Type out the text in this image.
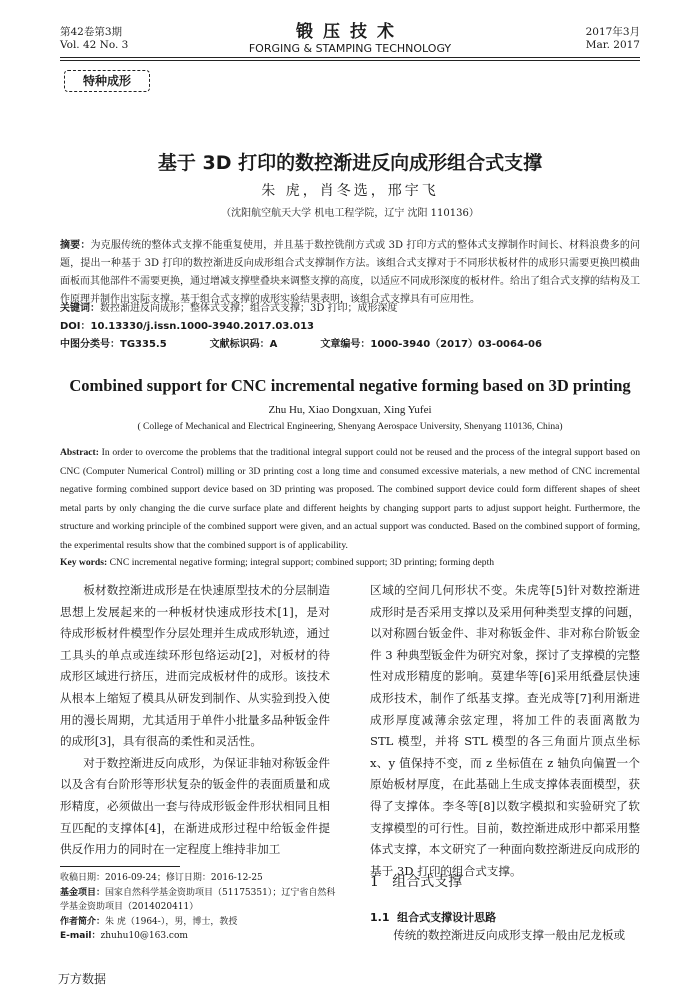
第42卷第3期
Vol. 42 No. 3
锻压技术
FORGING & STAMPING TECHNOLOGY
2017年3月
Mar. 2017
特种成形
基于 3D 打印的数控渐进反向成形组合式支撑
朱 虎，肖冬选，邢宇飞
（沈阳航空航天大学 机电工程学院，辽宁 沈阳 110136）
摘要：为克服传统的整体式支撑不能重复使用，并且基于数控铣削方式或 3D 打印方式的整体式支撑制作时间长、材料浪费多的问题，提出一种基于 3D 打印的数控渐进反向成形组合式支撑制作方法。该组合式支撑对于不同形状板材件的成形只需要更换凹模曲面板而其他部件不需要更换，通过增减支撑壁叠块来调整支撑的高度，以适应不同成形深度的板材件。给出了组合式支撑的结构及工作原理并制作出实际支撑。基于组合式支撑的成形实验结果表明，该组合式支撑具有可应用性。
关键词：数控渐进反向成形；整体式支撑；组合式支撑；3D 打印；成形深度
DOI：10.13330/j.issn.1000-3940.2017.03.013
中图分类号：TG335.5	文献标识码：A	文章编号：1000-3940（2017）03-0064-06
Combined support for CNC incremental negative forming based on 3D printing
Zhu Hu, Xiao Dongxuan, Xing Yufei
( College of Mechanical and Electrical Engineering, Shenyang Aerospace University, Shenyang 110136, China)
Abstract: In order to overcome the problems that the traditional integral support could not be reused and the process of the integral support based on CNC (Computer Numerical Control) milling or 3D printing cost a long time and consumed excessive materials, a new method of CNC incremental negative forming combined support device based on 3D printing was proposed. The combined support device could form different shapes of sheet metal parts by only changing the die curve surface plate and different heights by changing support parts to adjust support height. Furthermore, the structure and working principle of the combined support were given, and an actual support was conducted. Based on the combined support of forming, the experimental results show that the combined support is of applicability.
Key words: CNC incremental negative forming; integral support; combined support; 3D printing; forming depth

板材数控渐进成形是在快速原型技术的分层制造思想上发展起来的一种板材快速成形技术[1]，是对待成形板材件模型作分层处理并生成成形轨迹，通过工具头的单点或连续环形包络运动[2]，对板材的待成形区域进行挤压，进而完成板材件的成形。该技术从根本上缩短了模具从研发到制作、从实验到投入使用的漫长周期，尤其适用于单件小批量多品种钣金件的成形[3]，具有很高的柔性和灵活性。

对于数控渐进反向成形，为保证非轴对称钣金件以及含有台阶形等形状复杂的钣金件的表面质量和成形精度，必须做出一套与待成形钣金件形状相同且相互匹配的支撑体[4]，在渐进成形过程中给钣金件提供反作用力的同时在一定程度上维持非加工

区域的空间几何形状不变。朱虎等[5]针对数控渐进成形时是否采用支撑以及采用何种类型支撑的问题，以对称圆台钣金件、非对称钣金件、非对称台阶钣金件 3 种典型钣金件为研究对象，探讨了支撑模的完整性对成形精度的影响。莫建华等[6]采用纸叠层快速成形技术，制作了纸基支撑。查光成等[7]利用渐进成形厚度减薄余弦定理，将加工件的表面离散为 STL 模型，并将 STL 模型的各三角面片顶点坐标 x、y 值保持不变，而 z 坐标值在 z 轴负向偏置一个原始板材厚度，在此基础上生成支撑体表面模型，获得了支撑体。李冬等[8]以数字模拟和实验研究了软支撑模型的可行性。目前，数控渐进成形中都采用整体式支撑，本文研究了一种面向数控渐进反向成形的基于 3D 打印的组合式支撑。

收稿日期：2016-09-24；修订日期：2016-12-25
基金项目：国家自然科学基金资助项目（51175351）；辽宁省自然科学基金资助项目（2014020411）
作者简介：朱 虎（1964-），男，博士，教授
E-mail：zhuhu10@163.com
1 组合式支撑
1.1 组合式支撑设计思路
传统的数控渐进反向成形支撑一般由尼龙板或
万方数据
